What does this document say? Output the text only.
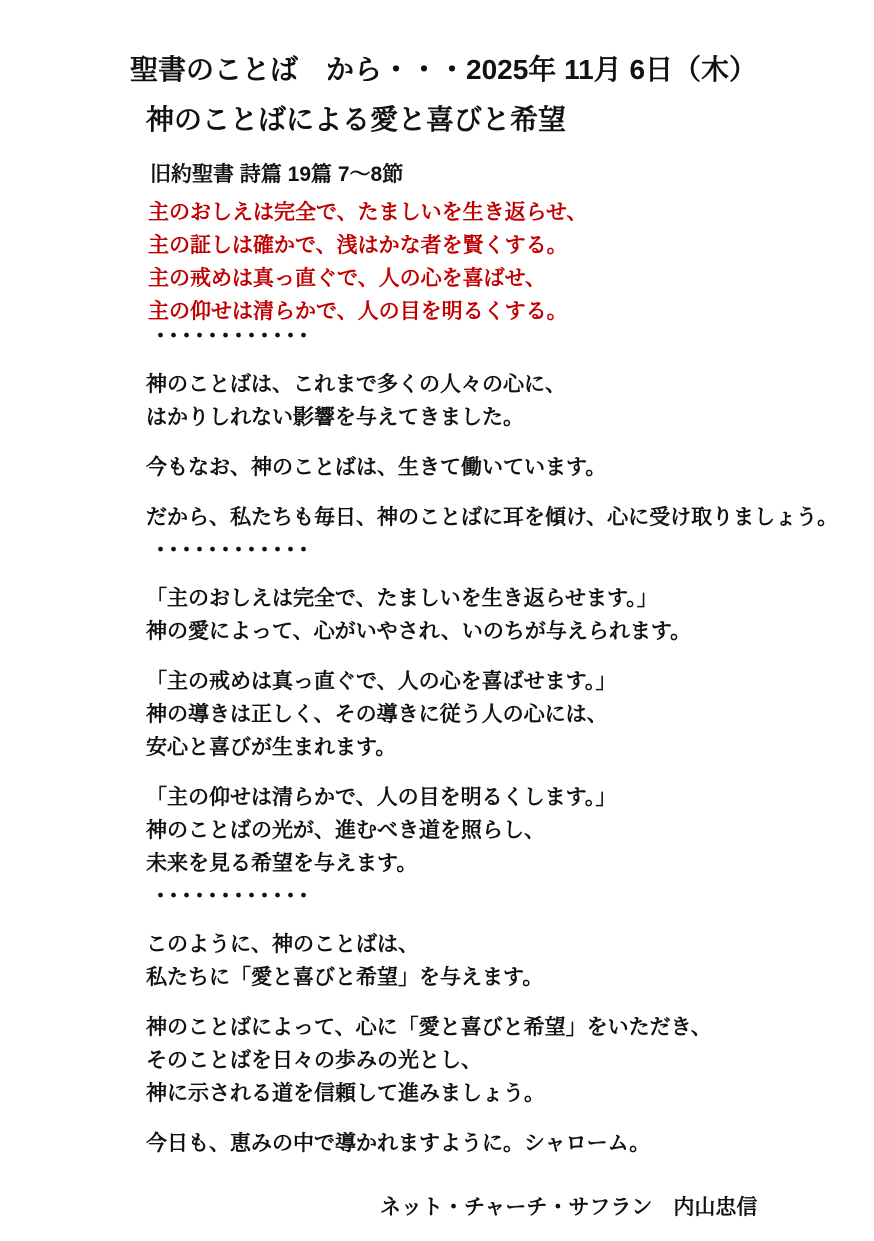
聖書のことば　から・・・2025年 11月 6日（木）
神のことばによる愛と喜びと希望
旧約聖書 詩篇 19篇 7～8節
主のおしえは完全で、たましいを生き返らせ、
主の証しは確かで、浅はかな者を賢くする。
主の戒めは真っ直ぐで、人の心を喜ばせ、
主の仰せは清らかで、人の目を明るくする。
・・・・・・・・・・・・
神のことばは、これまで多くの人々の心に、
はかりしれない影響を与えてきました。
今もなお、神のことばは、生きて働いています。
だから、私たちも毎日、神のことばに耳を傾け、心に受け取りましょう。
・・・・・・・・・・・・
「主のおしえは完全で、たましいを生き返らせます。」
神の愛によって、心がいやされ、いのちが与えられます。
「主の戒めは真っ直ぐで、人の心を喜ばせます。」
神の導きは正しく、その導きに従う人の心には、
安心と喜びが生まれます。
「主の仰せは清らかで、人の目を明るくします。」
神のことばの光が、進むべき道を照らし、
未来を見る希望を与えます。
・・・・・・・・・・・・
このように、神のことばは、
私たちに「愛と喜びと希望」を与えます。
神のことばによって、心に「愛と喜びと希望」をいただき、
そのことばを日々の歩みの光とし、
神に示される道を信頼して進みましょう。
今日も、恵みの中で導かれますように。シャローム。
ネット・チャーチ・サフラン　内山忠信
